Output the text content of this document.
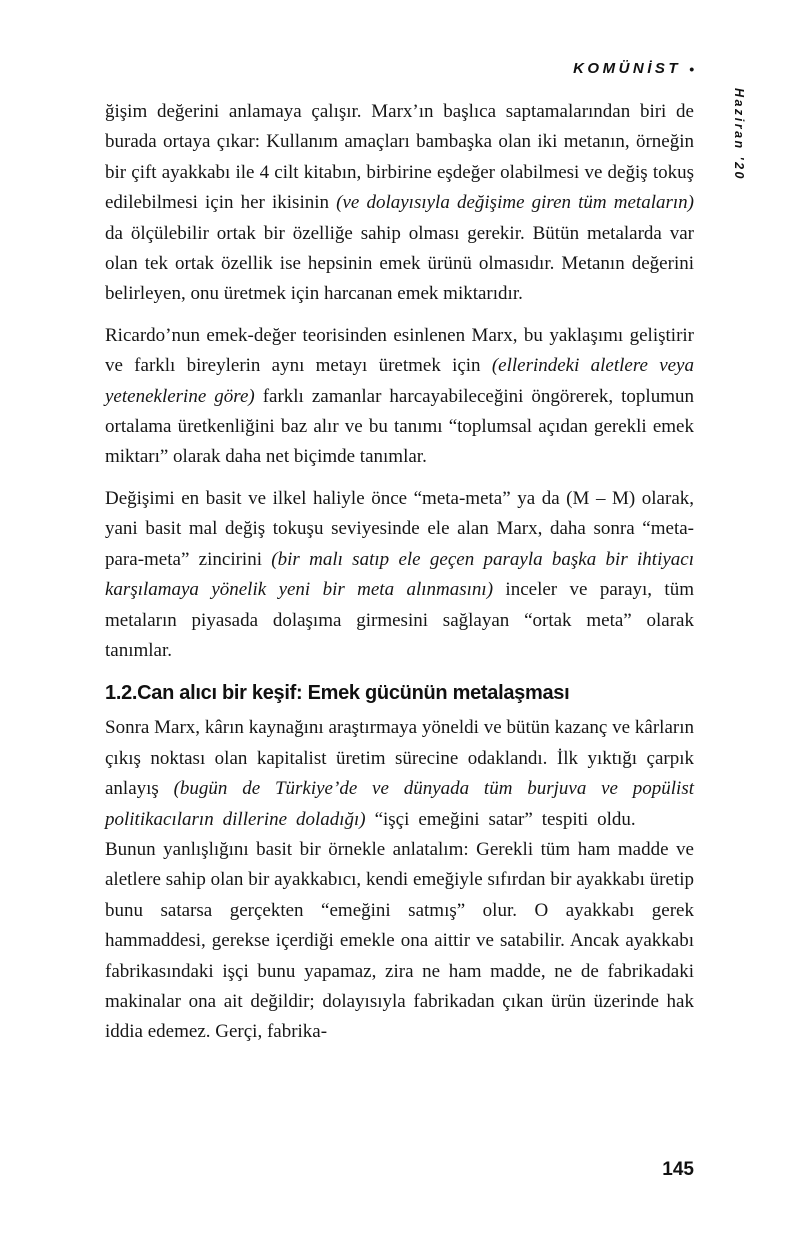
KOMÜNİST •
Haziran '20

ğişim değerini anlamaya çalışır. Marx’ın başlıca saptamalarından biri de burada ortaya çıkar: Kullanım amaçları bambaşka olan iki metanın, örneğin bir çift ayakkabı ile 4 cilt kitabın, birbirine eşdeğer olabilmesi ve değiş tokuş edilebilmesi için her ikisinin (ve dolayısıyla değişime giren tüm metaların) da ölçülebilir ortak bir özelliğe sahip olması gerekir. Bütün metalarda var olan tek ortak özellik ise hepsinin emek ürünü olmasıdır. Metanın değerini belirleyen, onu üretmek için harcanan emek miktarıdır.

Ricardo’nun emek-değer teorisinden esinlenen Marx, bu yaklaşımı geliştirir ve farklı bireylerin aynı metayı üretmek için (ellerindeki aletlere veya yeteneklerine göre) farklı zamanlar harcayabileceğini öngörerek, toplumun ortalama üretkenliğini baz alır ve bu tanımı “toplumsal açıdan gerekli emek miktarı” olarak daha net biçimde tanımlar.

Değişimi en basit ve ilkel haliyle önce “meta-meta” ya da (M – M) olarak, yani basit mal değiş tokuşu seviyesinde ele alan Marx, daha sonra “meta-para-meta” zincirini (bir malı satıp ele geçen parayla başka bir ihtiyacı karşılamaya yönelik yeni bir meta alınmasını) inceler ve parayı, tüm metaların piyasada dolaşıma girmesini sağlayan “ortak meta” olarak tanımlar.

1.2.Can alıcı bir keşif: Emek gücünün metalaşması

Sonra Marx, kârın kaynağını araştırmaya yöneldi ve bütün kazanç ve kârların çıkış noktası olan kapitalist üretim sürecine odaklandı. İlk yıktığı çarpık anlayış (bugün de Türkiye’de ve dünyada tüm burjuva ve popülist politikacıların dillerine doladığı) “işçi emeğini satar” tespiti oldu.        Bunun yanlışlığını basit bir örnekle anlatalım: Gerekli tüm ham madde ve aletlere sahip olan bir ayakkabıcı, kendi emeğiyle sıfırdan bir ayakkabı üretip bunu satarsa gerçekten “emeğini satmış” olur. O ayakkabı gerek hammaddesi, gerekse içerdiği emekle ona aittir ve satabilir. Ancak ayakkabı fabrikasındaki işçi bunu yapamaz, zira ne ham madde, ne de fabrikadaki makinalar ona ait değildir; dolayısıyla fabrikadan çıkan ürün üzerinde hak iddia edemez. Gerçi, fabrika-

145
